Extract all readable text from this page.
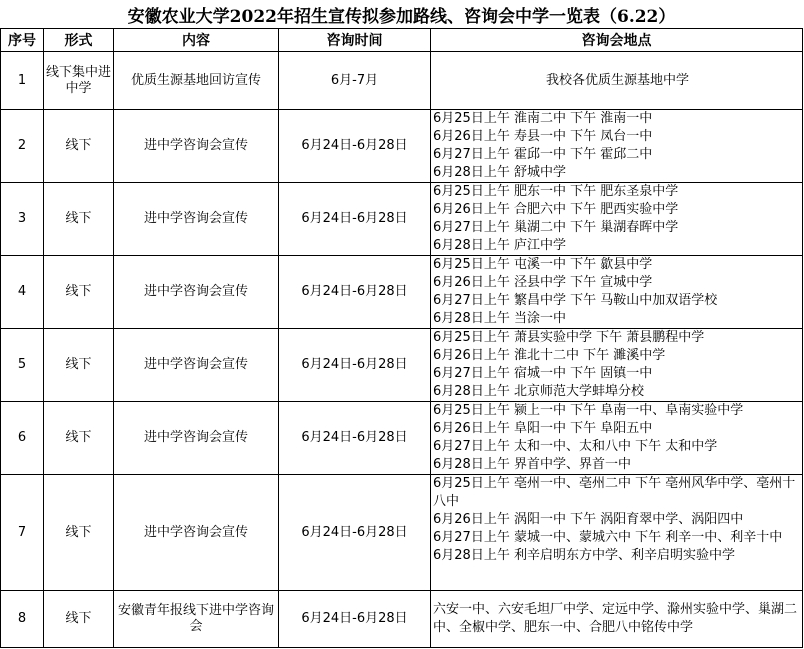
安徽农业大学2022年招生宣传拟参加路线、咨询会中学一览表（6.22）				
序号	形式	内容	咨询时间	咨询会地点
1	线下集中进中学	优质生源基地回访宣传	6月-7月	我校各优质生源基地中学

2	线下	进中学咨询会宣传	6月24日-6月28日	6月25日上午 淮南二中 下午 淮南一中
6月26日上午 寿县一中 下午 凤台一中
6月27日上午 霍邱一中 下午 霍邱二中
6月28日上午 舒城中学

3	线下	进中学咨询会宣传	6月24日-6月28日	6月25日上午 肥东一中 下午 肥东圣泉中学
6月26日上午 合肥六中 下午 肥西实验中学
6月27日上午 巢湖二中 下午 巢湖春晖中学
6月28日上午 庐江中学

4	线下	进中学咨询会宣传	6月24日-6月28日	6月25日上午 屯溪一中 下午 歙县中学
6月26日上午 泾县中学 下午 宣城中学
6月27日上午 繁昌中学 下午 马鞍山中加双语学校
6月28日上午 当涂一中

5	线下	进中学咨询会宣传	6月24日-6月28日	6月25日上午 萧县实验中学 下午 萧县鹏程中学
6月26日上午 淮北十二中 下午 濉溪中学
6月27日上午 宿城一中 下午 固镇一中
6月28日上午 北京师范大学蚌埠分校

6	线下	进中学咨询会宣传	6月24日-6月28日	6月25日上午 颍上一中 下午 阜南一中、阜南实验中学
6月26日上午 阜阳一中 下午 阜阳五中
6月27日上午 太和一中、太和八中 下午 太和中学
6月28日上午 界首中学、界首一中

7	线下	进中学咨询会宣传	6月24日-6月28日	6月25日上午 亳州一中、亳州二中 下午 亳州风华中学、亳州十八中
6月26日上午 涡阳一中 下午 涡阳育翠中学、涡阳四中
6月27日上午 蒙城一中、蒙城六中 下午 利辛一中、利辛十中
6月28日上午 利辛启明东方中学、利辛启明实验中学

8	线下	安徽青年报线下进中学咨询会	6月24日-6月28日	六安一中、六安毛坦厂中学、定远中学、滁州实验中学、巢湖二中、全椒中学、肥东一中、合肥八中铭传中学
